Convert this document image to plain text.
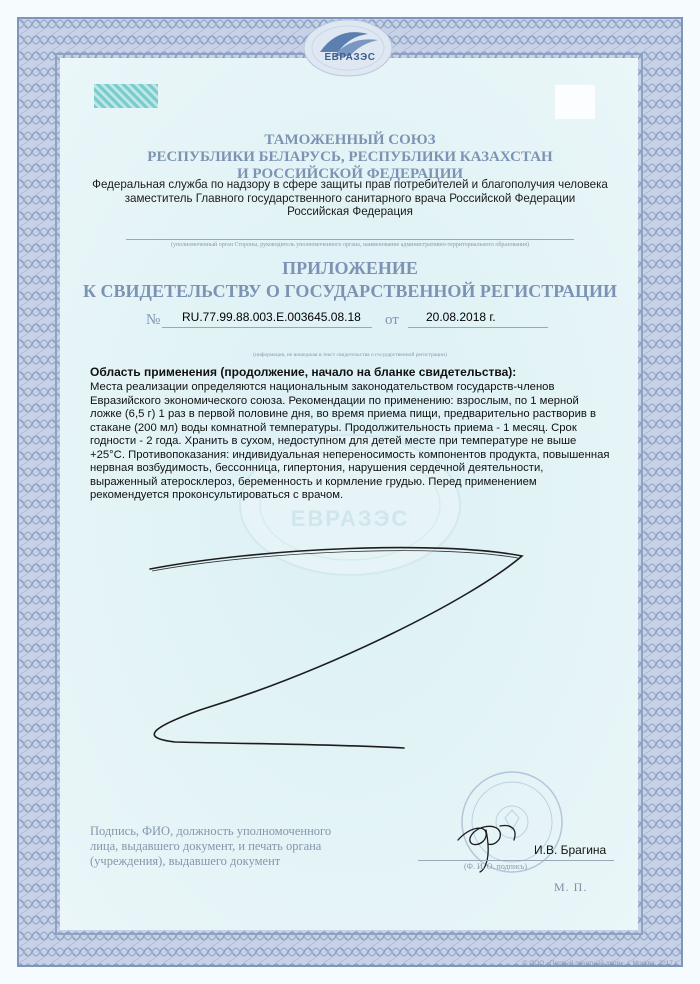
ЕВРАЗЭС
ТАМОЖЕННЫЙ СОЮЗ
РЕСПУБЛИКИ БЕЛАРУСЬ, РЕСПУБЛИКИ КАЗАХСТАН
И РОССИЙСКОЙ ФЕДЕРАЦИИ
Федеральная служба по надзору в сфере защиты прав потребителей и благополучия человека
заместитель Главного государственного санитарного врача Российской Федерации
Российская Федерация
(уполномоченный орган Стороны, руководитель уполномоченного органа, наименование административно-территориального образования)
ПРИЛОЖЕНИЕ
К СВИДЕТЕЛЬСТВУ О ГОСУДАРСТВЕННОЙ РЕГИСТРАЦИИ
№ RU.77.99.88.003.E.003645.08.18 от 20.08.2018 г.
(информация, не вошедшая в текст свидетельства о государственной регистрации)
ЕВРАЗЭС
Область применения (продолжение, начало на бланке свидетельства):
Места реализации определяются национальным законодательством государств-членов
Евразийского экономического союза. Рекомендации по применению: взрослым, по 1 мерной
ложке (6,5 г) 1 раз в первой половине дня, во время приема пищи, предварительно растворив в
стакане (200 мл) воды комнатной температуры. Продолжительность приема - 1 месяц. Срок
годности - 2 года. Хранить в сухом, недоступном для детей месте при температуре не выше
+25°C. Противопоказания: индивидуальная непереносимость компонентов продукта, повышенная
нервная возбудимость, бессонница, гипертония, нарушения сердечной деятельности,
выраженный атеросклероз, беременность и кормление грудью. Перед применением
рекомендуется проконсультироваться с врачом.
Подпись, ФИО, должность уполномоченного
лица, выдавшего документ, и печать органа
(учреждения), выдавшего документ
И.В. Брагина
(Ф. И. О. подпись)
М. П.
© ООО «Первый печатный двор», г. Москва, 2017 г.
